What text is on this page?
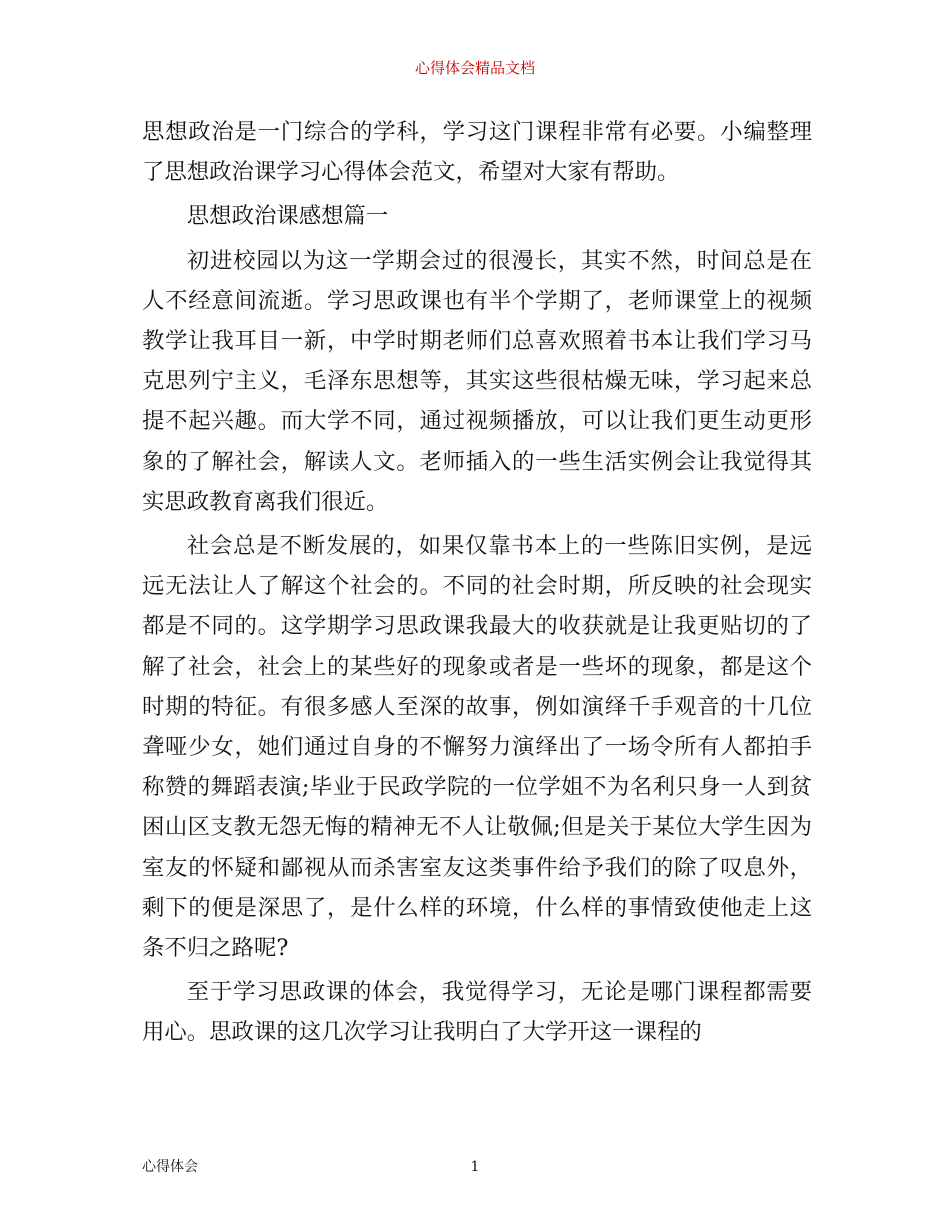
心得体会精品文档

思想政治是一门综合的学科，学习这门课程非常有必要。小编整理了思想政治课学习心得体会范文，希望对大家有帮助。

思想政治课感想篇一

初进校园以为这一学期会过的很漫长，其实不然，时间总是在人不经意间流逝。学习思政课也有半个学期了，老师课堂上的视频教学让我耳目一新，中学时期老师们总喜欢照着书本让我们学习马克思列宁主义，毛泽东思想等，其实这些很枯燥无味，学习起来总提不起兴趣。而大学不同，通过视频播放，可以让我们更生动更形象的了解社会，解读人文。老师插入的一些生活实例会让我觉得其实思政教育离我们很近。

社会总是不断发展的，如果仅靠书本上的一些陈旧实例，是远远无法让人了解这个社会的。不同的社会时期，所反映的社会现实都是不同的。这学期学习思政课我最大的收获就是让我更贴切的了解了社会，社会上的某些好的现象或者是一些坏的现象，都是这个时期的特征。有很多感人至深的故事，例如演绎千手观音的十几位聋哑少女，她们通过自身的不懈努力演绎出了一场令所有人都拍手称赞的舞蹈表演;毕业于民政学院的一位学姐不为名利只身一人到贫困山区支教无怨无悔的精神无不人让敬佩;但是关于某位大学生因为室友的怀疑和鄙视从而杀害室友这类事件给予我们的除了叹息外，剩下的便是深思了，是什么样的环境，什么样的事情致使他走上这条不归之路呢?

至于学习思政课的体会，我觉得学习，无论是哪门课程都需要用心。思政课的这几次学习让我明白了大学开这一课程的

心得体会	1
